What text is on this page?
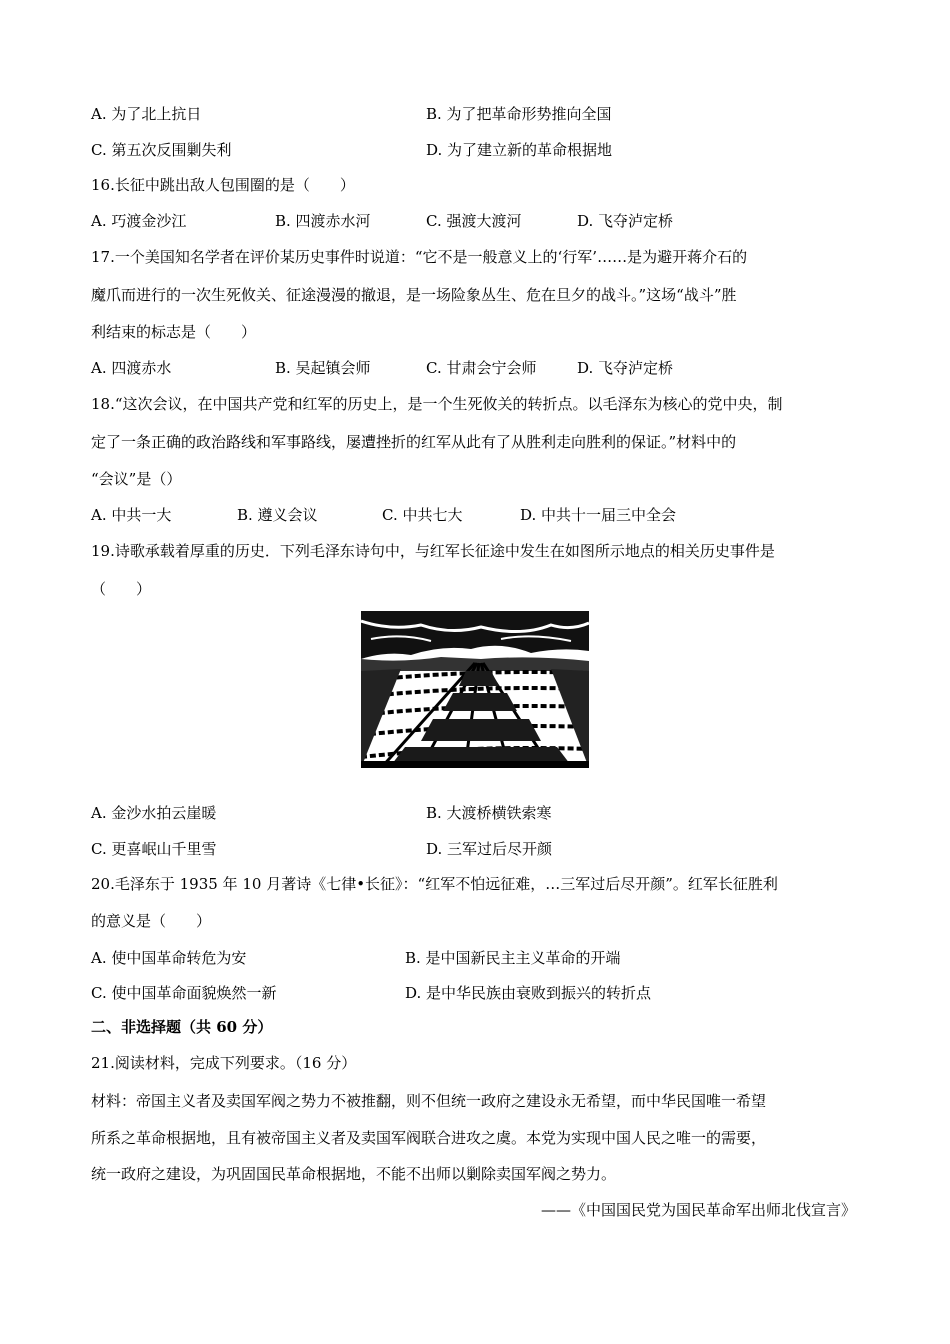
A. 为了北上抗日	B. 为了把革命形势推向全国
C. 第五次反围剿失利	D. 为了建立新的革命根据地
16.长征中跳出敌人包围圈的是（　　）
A. 巧渡金沙江	B. 四渡赤水河	C. 强渡大渡河	D. 飞夺泸定桥
17.一个美国知名学者在评价某历史事件时说道：“它不是一般意义上的‘行军’……是为避开蒋介石的
魔爪而进行的一次生死攸关、征途漫漫的撤退，是一场险象丛生、危在旦夕的战斗。”这场“战斗”胜
利结束的标志是（　　）
A. 四渡赤水	B. 吴起镇会师	C. 甘肃会宁会师	D. 飞夺泸定桥
18.“这次会议，在中国共产党和红军的历史上，是一个生死攸关的转折点。以毛泽东为核心的党中央，制
定了一条正确的政治路线和军事路线，屡遭挫折的红军从此有了从胜利走向胜利的保证。”材料中的
“会议”是（）
A. 中共一大	B. 遵义会议	C. 中共七大	D. 中共十一届三中全会
19.诗歌承载着厚重的历史．下列毛泽东诗句中，与红军长征途中发生在如图所示地点的相关历史事件是
（　　）
A. 金沙水拍云崖暖	B. 大渡桥横铁索寒
C. 更喜岷山千里雪	D. 三军过后尽开颜
20.毛泽东于 1935 年 10 月著诗《七律•长征》：“红军不怕远征难，…三军过后尽开颜”。红军长征胜利
的意义是（　　）
A. 使中国革命转危为安	B. 是中国新民主主义革命的开端
C. 使中国革命面貌焕然一新	D. 是中华民族由衰败到振兴的转折点
二、非选择题（共 60 分）
21.阅读材料，完成下列要求。（16 分）
材料：帝国主义者及卖国军阀之势力不被推翻，则不但统一政府之建设永无希望，而中华民国唯一希望
所系之革命根据地，且有被帝国主义者及卖国军阀联合进攻之虞。本党为实现中国人民之唯一的需要，
统一政府之建设，为巩固国民革命根据地，不能不出师以剿除卖国军阀之势力。
——《中国国民党为国民革命军出师北伐宣言》
